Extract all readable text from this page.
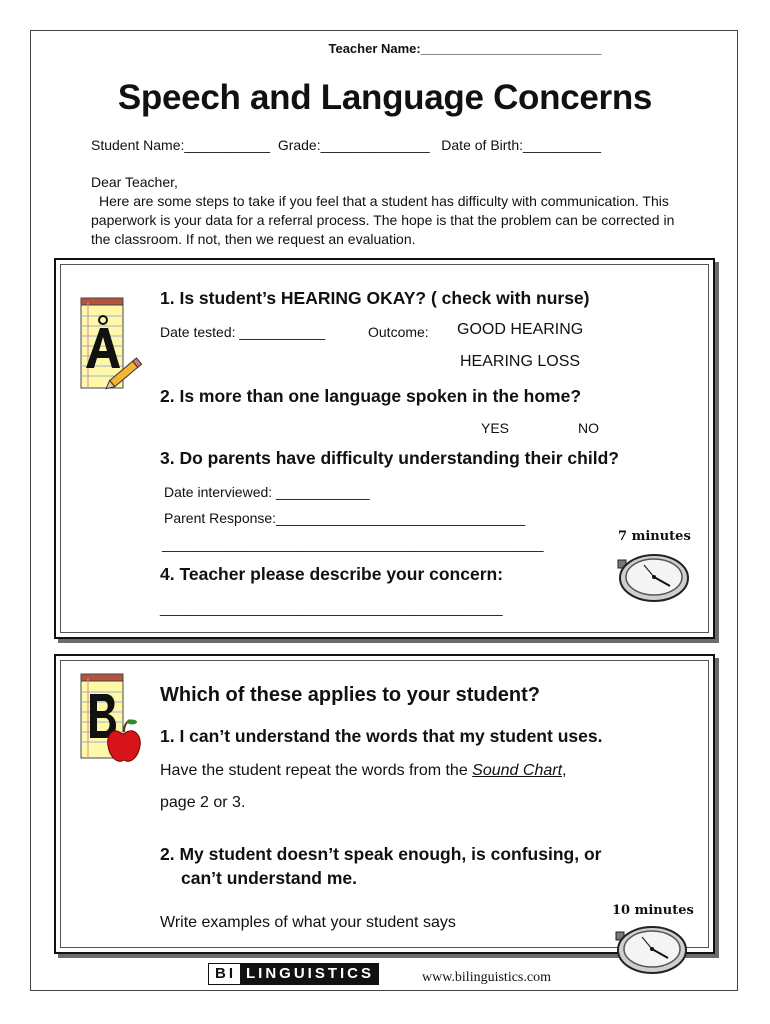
Teacher Name:_________________________
Speech and Language Concerns
Student Name:___________  Grade:______________   Date of Birth:__________

Dear Teacher,

Here are some steps to take if you feel that a student has difficulty with communication. This paperwork is your data for a referral process. The hope is that the problem can be corrected in the classroom. If not, then we request an evaluation.

1. Is student’s HEARING OKAY? ( check with nurse)
Date tested: ___________	Outcome: GOOD HEARING
HEARING LOSS
2. Is more than one language spoken in the home?
YES	NO
3. Do parents have difficulty understanding their child?
Date interviewed: ____________
Parent Response:________________________________
_________________________________________________	7 minutes
4. Teacher please describe your concern:
____________________________________________
Which of these applies to your student?
1. I can’t understand the words that my student uses.
Have the student repeat the words from the Sound Chart,
page 2 or 3.
2. My student doesn’t speak enough, is confusing, or
can’t understand me.
Write examples of what your student says
10 minutes
BI LINGUISTICS	www.bilinguistics.com
